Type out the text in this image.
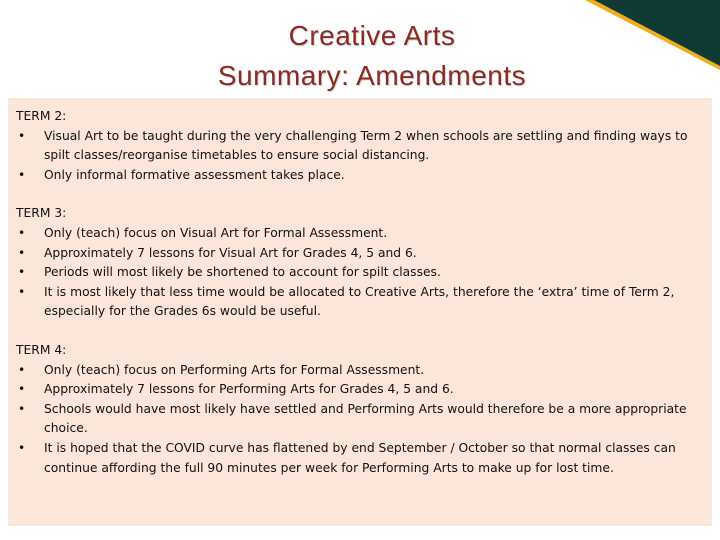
Creative Arts
Summary: Amendments
TERM 2:
• Visual Art to be taught during the very challenging Term 2 when schools are settling and finding ways to spilt classes/reorganise timetables to ensure social distancing.
• Only informal formative assessment takes place.
TERM 3:
• Only (teach) focus on Visual Art for Formal Assessment.
• Approximately 7 lessons for Visual Art for Grades 4, 5 and 6.
• Periods will most likely be shortened to account for spilt classes.
• It is most likely that less time would be allocated to Creative Arts, therefore the ‘extra’ time of Term 2, especially for the Grades 6s would be useful.
TERM 4:
• Only (teach) focus on Performing Arts for Formal Assessment.
• Approximately 7 lessons for Performing Arts for Grades 4, 5 and 6.
• Schools would have most likely have settled and Performing Arts would therefore be a more appropriate choice.
• It is hoped that the COVID curve has flattened by end September / October so that normal classes can continue affording the full 90 minutes per week for Performing Arts to make up for lost time.
